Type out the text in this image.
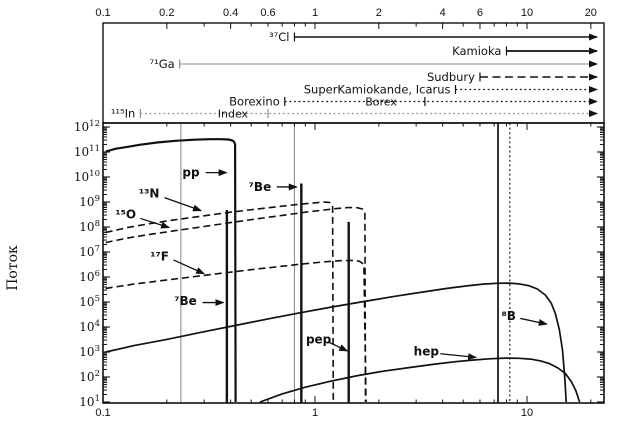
Поток
0.1	0.2	0.4 0.6	1	2	4	6	10	20
0.1	1	10
$10^1$
$10^2$
$10^3$
$10^4$
$10^5$
$10^6$
$10^7$
$10^8$
$10^9$
$10^{10}$
$10^{11}$
$10^{12}$
³⁷Cl
Kamioka
⁷¹Ga
Sudbury
SuperKamiokande, Icarus
Borexino	Borex
¹¹⁵In	Index
pp
⁷Be
¹³N
¹⁵O
¹⁷F
⁷Be
pep
⁸B
hep
